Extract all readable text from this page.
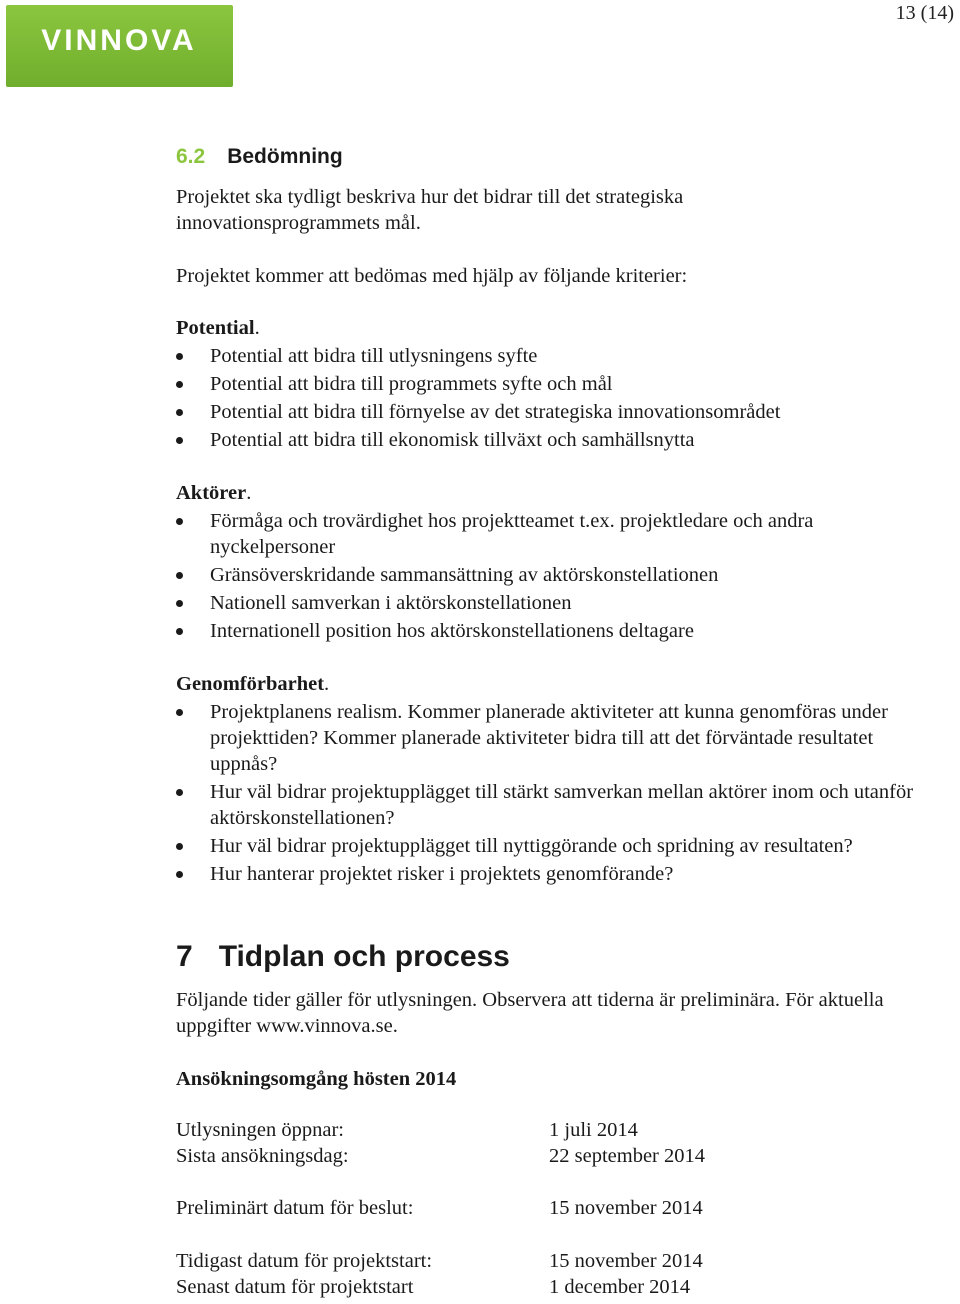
VINNOVA
13 (14)
6.2 Bedömning
Projektet ska tydligt beskriva hur det bidrar till det strategiska innovationsprogrammets mål.
Projektet kommer att bedömas med hjälp av följande kriterier:
Potential.
Potential att bidra till utlysningens syfte
Potential att bidra till programmets syfte och mål
Potential att bidra till förnyelse av det strategiska innovationsområdet
Potential att bidra till ekonomisk tillväxt och samhällsnytta
Aktörer.
Förmåga och trovärdighet hos projektteamet t.ex. projektledare och andra nyckelpersoner
Gränsöverskridande sammansättning av aktörskonstellationen
Nationell samverkan i aktörskonstellationen
Internationell position hos aktörskonstellationens deltagare
Genomförbarhet.
Projektplanens realism. Kommer planerade aktiviteter att kunna genomföras under projekttiden? Kommer planerade aktiviteter bidra till att det förväntade resultatet uppnås?
Hur väl bidrar projektupplägget till stärkt samverkan mellan aktörer inom och utanför aktörskonstellationen?
Hur väl bidrar projektupplägget till nyttiggörande och spridning av resultaten?
Hur hanterar projektet risker i projektets genomförande?
7 Tidplan och process
Följande tider gäller för utlysningen. Observera att tiderna är preliminära. För aktuella uppgifter www.vinnova.se.
Ansökningsomgång hösten 2014
Utlysningen öppnar:	1 juli 2014
Sista ansökningsdag:	22 september 2014
Preliminärt datum för beslut:	15 november 2014
Tidigast datum för projektstart:	15 november 2014
Senast datum för projektstart	1 december 2014
